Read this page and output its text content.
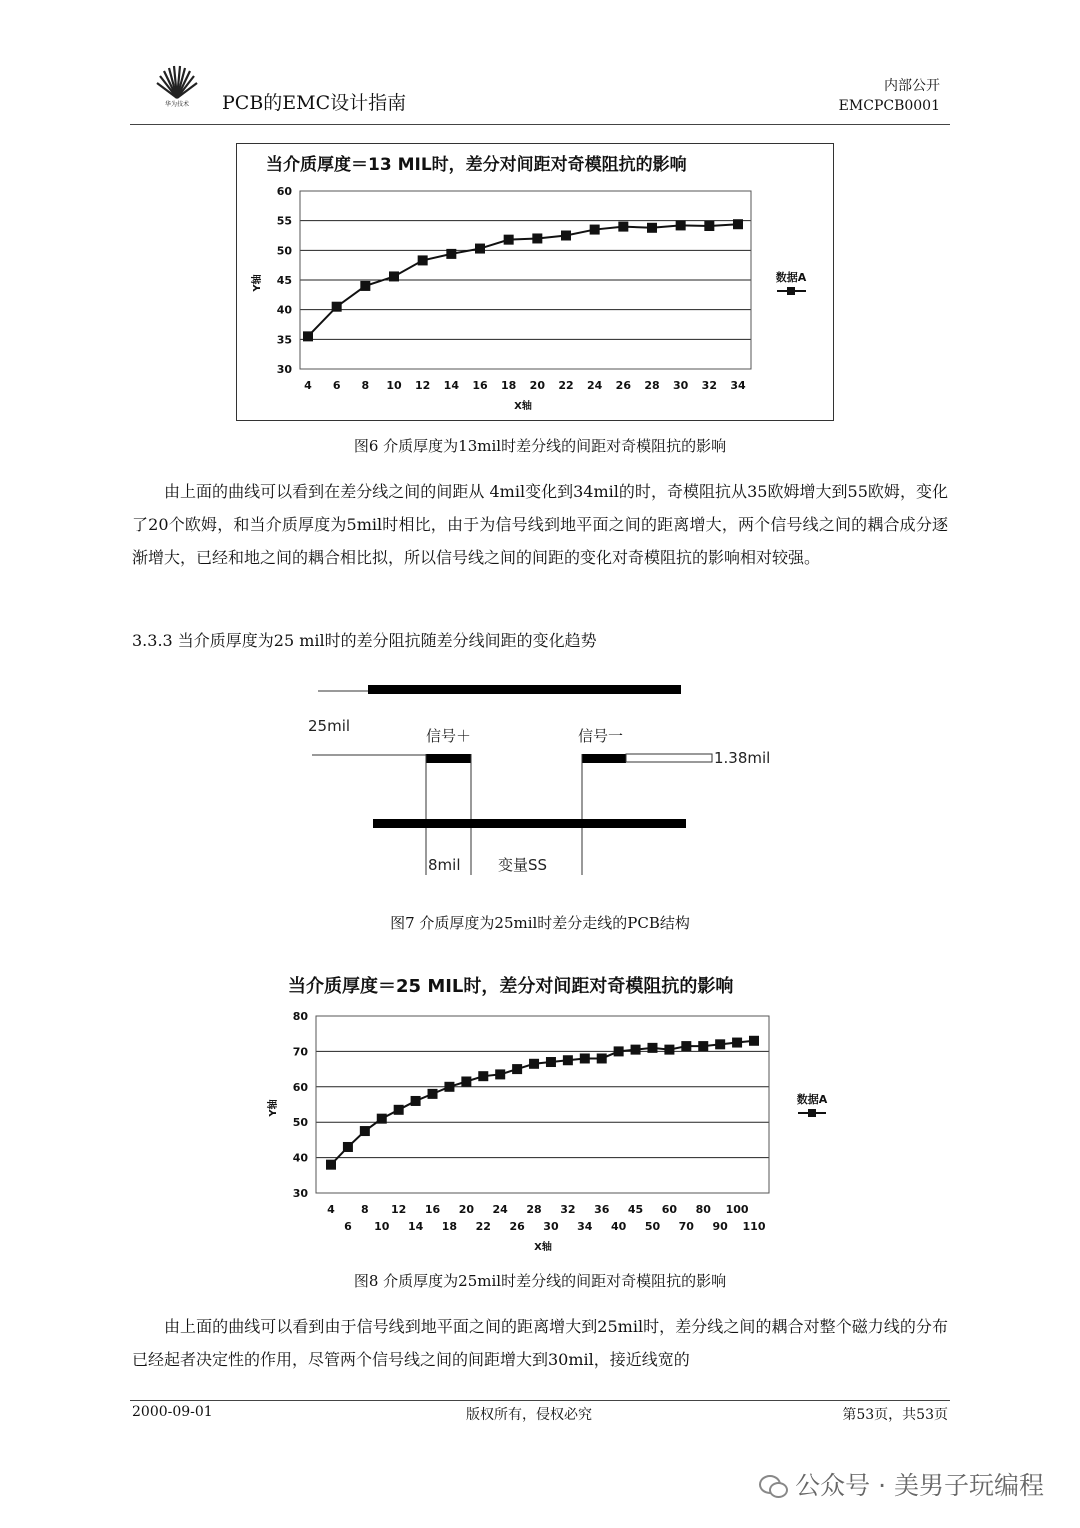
华为技术 PCB的EMC设计指南
内部公开
EMCPCB0001
当介质厚度＝13 MIL时，差分对间距对奇模阻抗的影响
30
35
40
45
50
55
60
4 6 8 10 12 14 16 18 20 22 24 26 28 30 32 34
Y轴
X轴
数据A
图6 介质厚度为13mil时差分线的间距对奇模阻抗的影响
由上面的曲线可以看到在差分线之间的间距从 4mil变化到34mil的时，奇模阻抗从35欧姆增大到55欧姆，变化了20个欧姆，和当介质厚度为5mil时相比，由于为信号线到地平面之间的距离增大，两个信号线之间的耦合成分逐渐增大，已经和地之间的耦合相比拟，所以信号线之间的间距的变化对奇模阻抗的影响相对较强。
3.3.3 当介质厚度为25 mil时的差分阻抗随差分线间距的变化趋势
25mil
信号＋	信号一
1.38mil
8mil	变量SS
图7 介质厚度为25mil时差分走线的PCB结构
当介质厚度＝25 MIL时，差分对间距对奇模阻抗的影响
30
40
50
60
70
80
4
6
8
10
12
14
16
18
20
22
24
26
28
30
32
34
36
40
45
50
60
70
80
90
100
110
Y轴
X轴
数据A
图8 介质厚度为25mil时差分线的间距对奇模阻抗的影响
由上面的曲线可以看到由于信号线到地平面之间的距离增大到25mil时，差分线之间的耦合对整个磁力线的分布已经起者决定性的作用，尽管两个信号线之间的间距增大到30mil，接近线宽的
2000-09-01	版权所有，侵权必究	第53页，共53页
公众号 · 美男子玩编程
